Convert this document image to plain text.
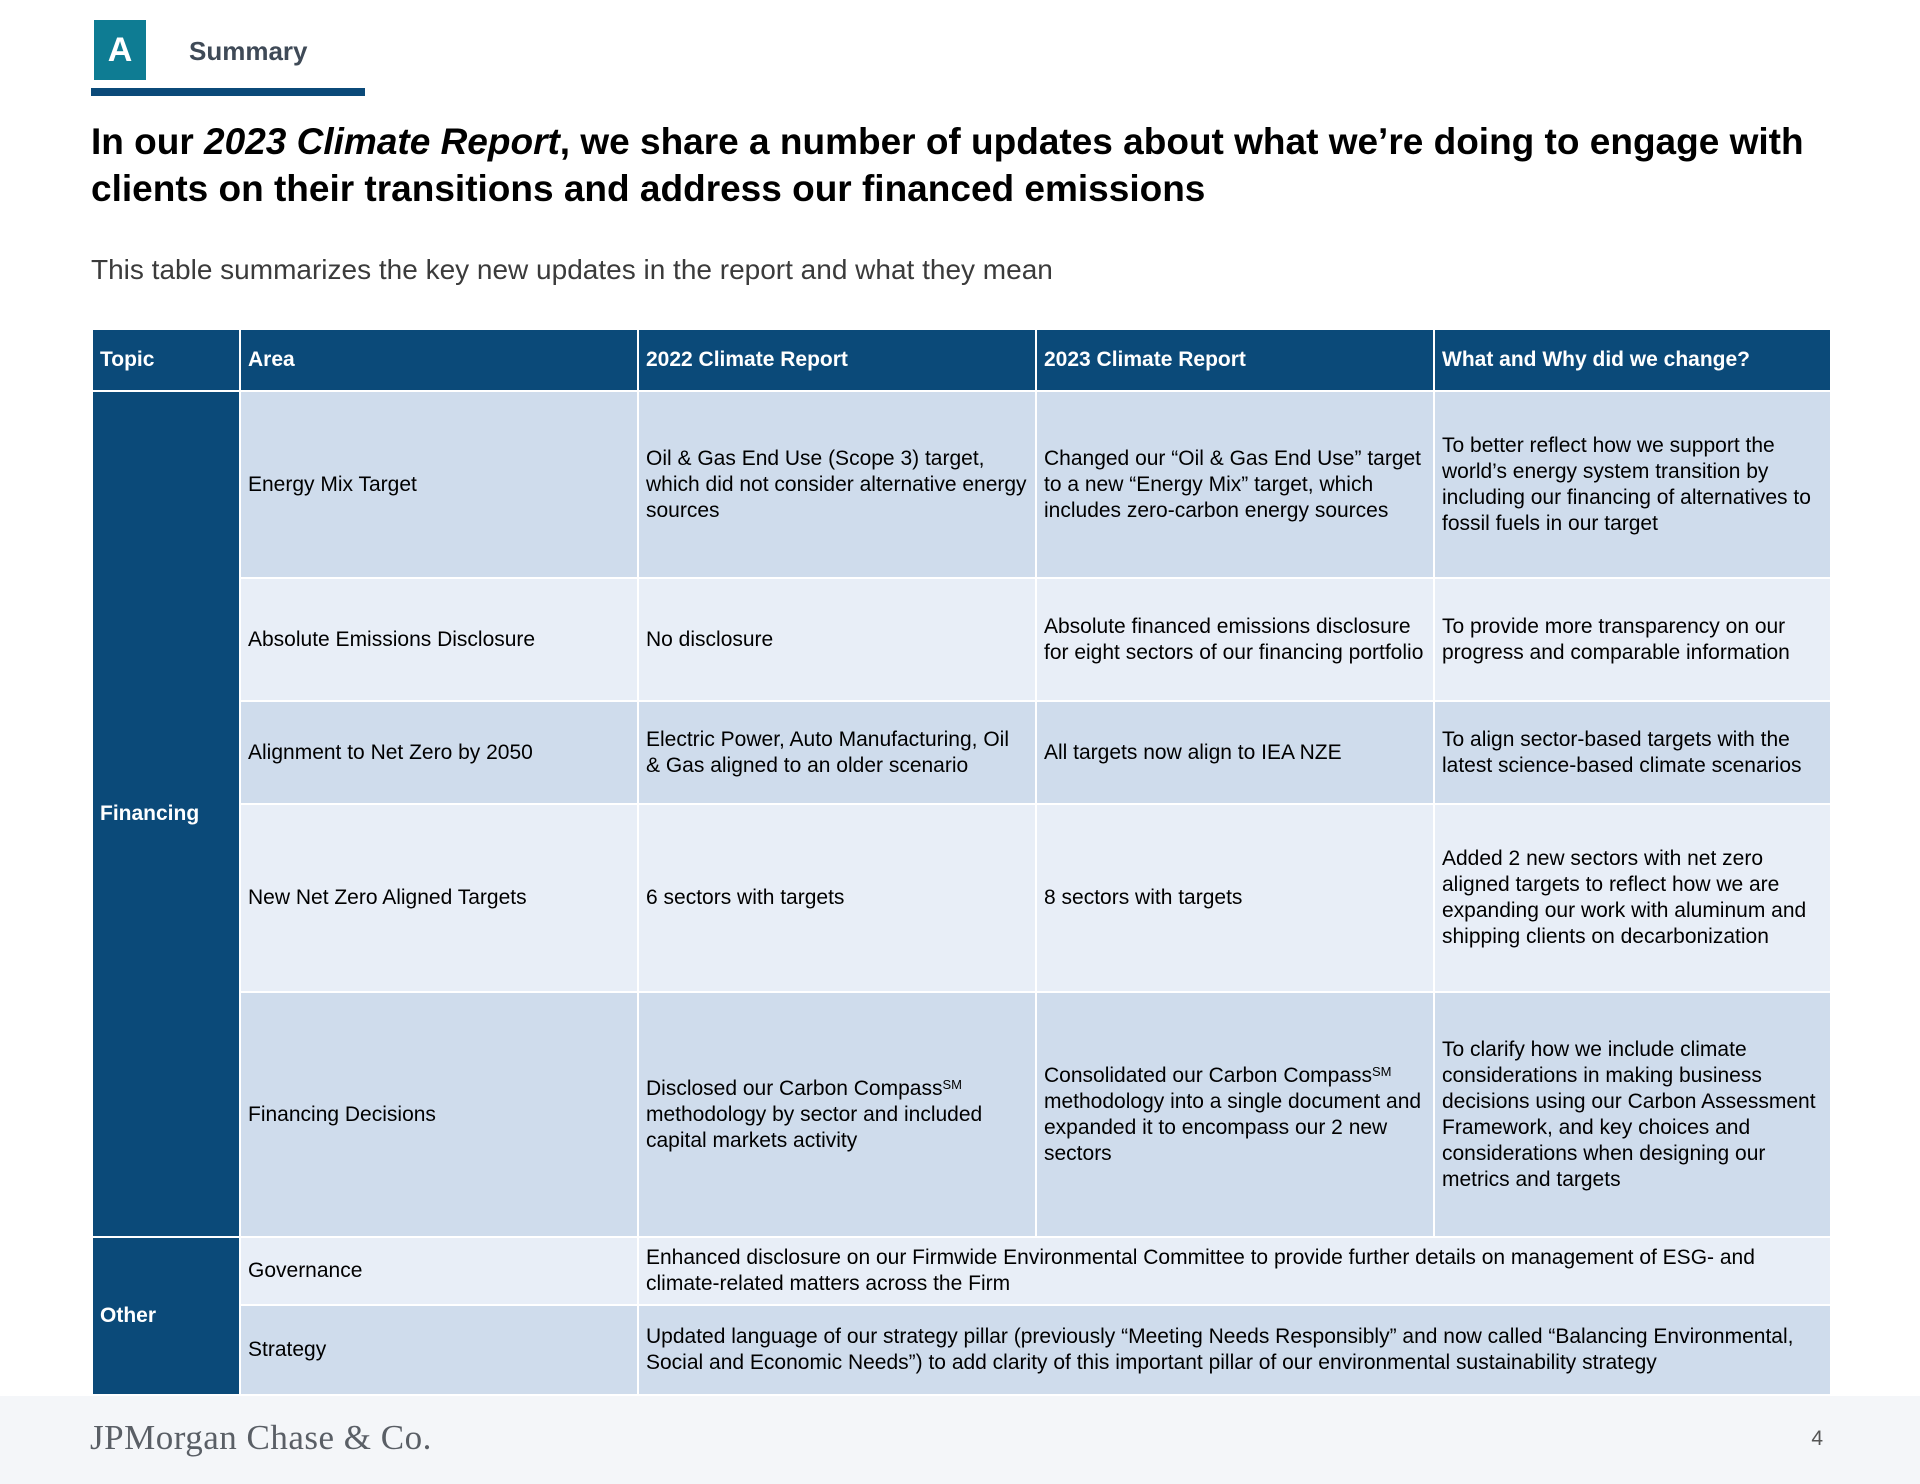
A	Summary
In our 2023 Climate Report, we share a number of updates about what we’re doing to engage with clients on their transitions and address our financed emissions
This table summarizes the key new updates in the report and what they mean
Topic	Area	2022 Climate Report	2023 Climate Report	What and Why did we change?
Financing	Energy Mix Target	Oil & Gas End Use (Scope 3) target, which did not consider alternative energy sources	Changed our “Oil & Gas End Use” target to a new “Energy Mix” target, which includes zero-carbon energy sources	To better reflect how we support the world’s energy system transition by including our financing of alternatives to fossil fuels in our target
	Absolute Emissions Disclosure	No disclosure	Absolute financed emissions disclosure for eight sectors of our financing portfolio	To provide more transparency on our progress and comparable information
	Alignment to Net Zero by 2050	Electric Power, Auto Manufacturing, Oil & Gas aligned to an older scenario	All targets now align to IEA NZE	To align sector-based targets with the latest science-based climate scenarios
	New Net Zero Aligned Targets	6 sectors with targets	8 sectors with targets	Added 2 new sectors with net zero aligned targets to reflect how we are expanding our work with aluminum and shipping clients on decarbonization
	Financing Decisions	Disclosed our Carbon Compass℠ methodology by sector and included capital markets activity	Consolidated our Carbon Compass℠ methodology into a single document and expanded it to encompass our 2 new sectors	To clarify how we include climate considerations in making business decisions using our Carbon Assessment Framework, and key choices and considerations when designing our metrics and targets
Other	Governance	Enhanced disclosure on our Firmwide Environmental Committee to provide further details on management of ESG- and climate-related matters across the Firm		
	Strategy	Updated language of our strategy pillar (previously “Meeting Needs Responsibly” and now called “Balancing Environmental, Social and Economic Needs”) to add clarity of this important pillar of our environmental sustainability strategy		
JPMorgan Chase & Co.	4
